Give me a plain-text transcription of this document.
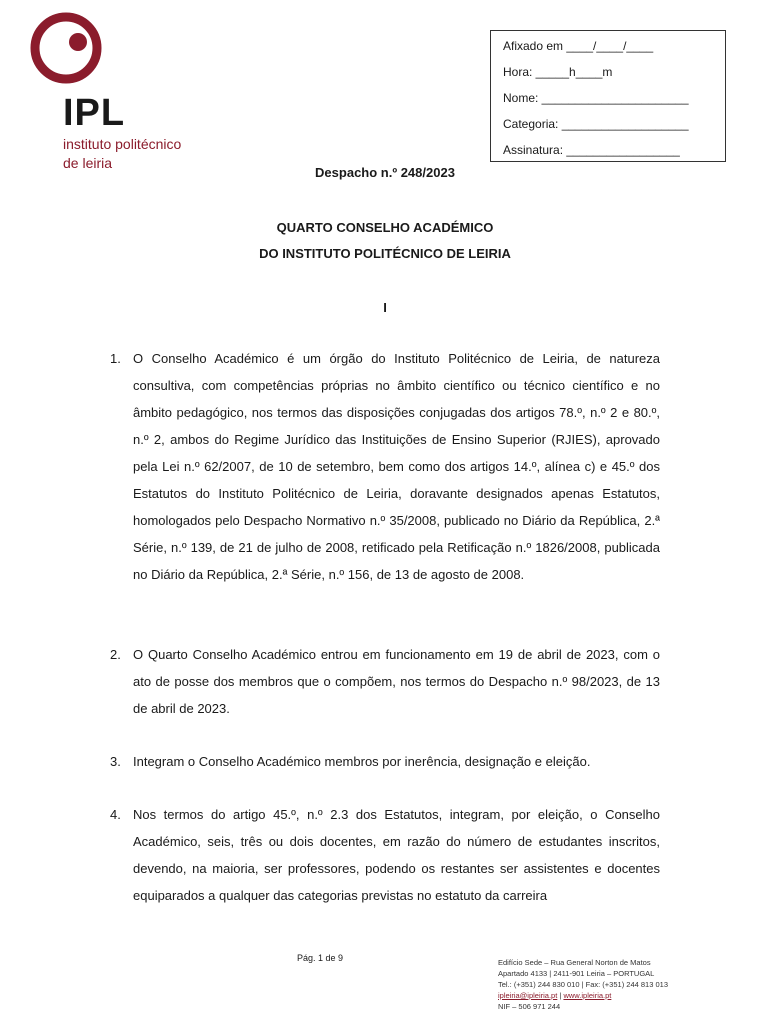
IPL
instituto politécnico
de leiria
Afixado em ____/____/____
Hora: _____h____m
Nome: ______________________
Categoria: ___________________
Assinatura: _________________
Despacho n.º 248/2023
QUARTO CONSELHO ACADÉMICO
DO INSTITUTO POLITÉCNICO DE LEIRIA
I
1. O Conselho Académico é um órgão do Instituto Politécnico de Leiria, de natureza consultiva, com competências próprias no âmbito científico ou técnico científico e no âmbito pedagógico, nos termos das disposições conjugadas dos artigos 78.º, n.º 2 e 80.º, n.º 2, ambos do Regime Jurídico das Instituições de Ensino Superior (RJIES), aprovado pela Lei n.º 62/2007, de 10 de setembro, bem como dos artigos 14.º, alínea c) e 45.º dos Estatutos do Instituto Politécnico de Leiria, doravante designados apenas Estatutos, homologados pelo Despacho Normativo n.º 35/2008, publicado no Diário da República, 2.ª Série, n.º 139, de 21 de julho de 2008, retificado pela Retificação n.º 1826/2008, publicada no Diário da República, 2.ª Série, n.º 156, de 13 de agosto de 2008.
2. O Quarto Conselho Académico entrou em funcionamento em 19 de abril de 2023, com o ato de posse dos membros que o compõem, nos termos do Despacho n.º 98/2023, de 13 de abril de 2023.
3. Integram o Conselho Académico membros por inerência, designação e eleição.
4. Nos termos do artigo 45.º, n.º 2.3 dos Estatutos, integram, por eleição, o Conselho Académico, seis, três ou dois docentes, em razão do número de estudantes inscritos, devendo, na maioria, ser professores, podendo os restantes ser assistentes e docentes equiparados a qualquer das categorias previstas no estatuto da carreira
Pág. 1 de 9	Edifício Sede – Rua General Norton de Matos
Apartado 4133 | 2411-901 Leiria – PORTUGAL
Tel.: (+351) 244 830 010 | Fax: (+351) 244 813 013
ipleiria@ipleiria.pt | www.ipleiria.pt
NIF – 506 971 244
